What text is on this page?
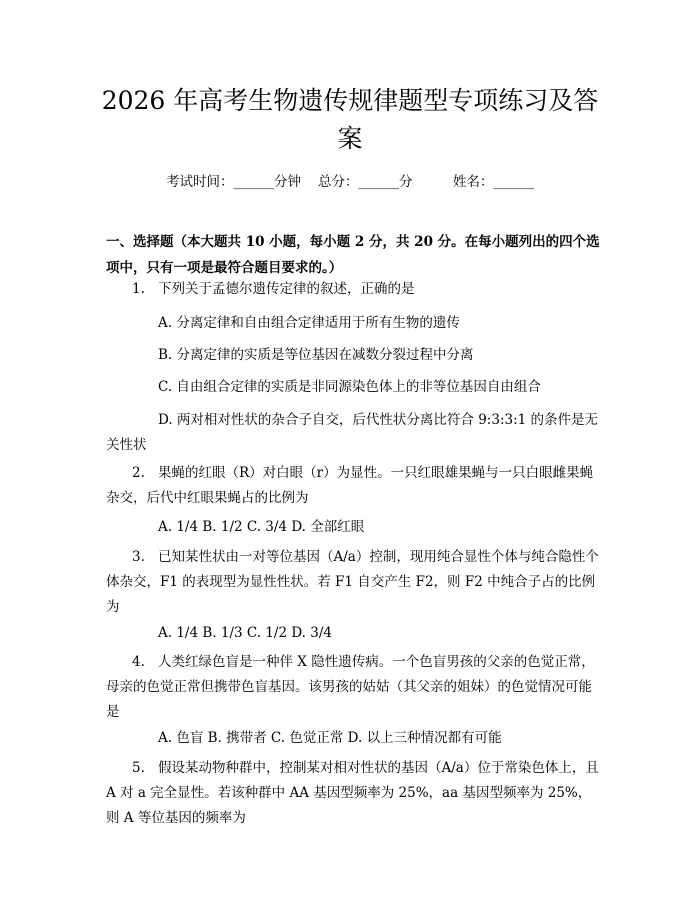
2026 年高考生物遗传规律题型专项练习及答案
考试时间：______分钟 总分：______分	姓名：______

一、选择题（本大题共 10 小题，每小题 2 分，共 20 分。在每小题列出的四个选项中，只有一项是最符合题目要求的。）

1. 下列关于孟德尔遗传定律的叙述，正确的是

A. 分离定律和自由组合定律适用于所有生物的遗传

B. 分离定律的实质是等位基因在减数分裂过程中分离

C. 自由组合定律的实质是非同源染色体上的非等位基因自由组合

D. 两对相对性状的杂合子自交，后代性状分离比符合 9:3:3:1 的条件是无关性状

2. 果蝇的红眼（R）对白眼（r）为显性。一只红眼雄果蝇与一只白眼雌果蝇杂交，后代中红眼果蝇占的比例为

A. 1/4 B. 1/2 C. 3/4 D. 全部红眼

3. 已知某性状由一对等位基因（A/a）控制，现用纯合显性个体与纯合隐性个体杂交，F1 的表现型为显性性状。若 F1 自交产生 F2，则 F2 中纯合子占的比例为

A. 1/4 B. 1/3 C. 1/2 D. 3/4

4. 人类红绿色盲是一种伴 X 隐性遗传病。一个色盲男孩的父亲的色觉正常，母亲的色觉正常但携带色盲基因。该男孩的姑姑（其父亲的姐妹）的色觉情况可能是

A. 色盲 B. 携带者 C. 色觉正常 D. 以上三种情况都有可能

5. 假设某动物种群中，控制某对相对性状的基因（A/a）位于常染色体上，且 A 对 a 完全显性。若该种群中 AA 基因型频率为 25%，aa 基因型频率为 25%，则 A 等位基因的频率为
